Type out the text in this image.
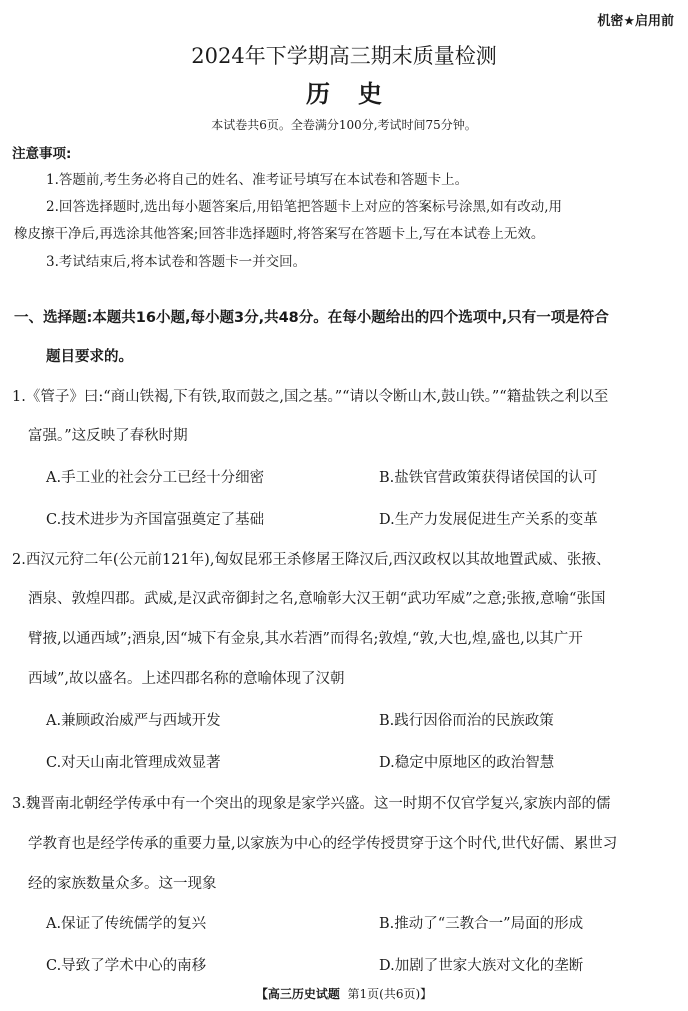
机密★启用前
2024年下学期高三期末质量检测
历史
本试卷共6页。全卷满分100分,考试时间75分钟。
注意事项:
1.答题前,考生务必将自己的姓名、准考证号填写在本试卷和答题卡上。
2.回答选择题时,选出每小题答案后,用铅笔把答题卡上对应的答案标号涂黑,如有改动,用
橡皮擦干净后,再选涂其他答案;回答非选择题时,将答案写在答题卡上,写在本试卷上无效。
3.考试结束后,将本试卷和答题卡一并交回。
一、选择题:本题共16小题,每小题3分,共48分。在每小题给出的四个选项中,只有一项是符合
题目要求的。
1.《管子》曰:“商山铁褐,下有铁,取而鼓之,国之基。”“请以令断山木,鼓山铁。”“籍盐铁之利以至
富强。”这反映了春秋时期
A.手工业的社会分工已经十分细密	B.盐铁官营政策获得诸侯国的认可
C.技术进步为齐国富强奠定了基础	D.生产力发展促进生产关系的变革
2.西汉元狩二年(公元前121年),匈奴昆邪王杀修屠王降汉后,西汉政权以其故地置武威、张掖、
酒泉、敦煌四郡。武威,是汉武帝御封之名,意喻彰大汉王朝“武功军威”之意;张掖,意喻“张国
臂掖,以通西域”;酒泉,因“城下有金泉,其水若酒”而得名;敦煌,“敦,大也,煌,盛也,以其广开
西域”,故以盛名。上述四郡名称的意喻体现了汉朝
A.兼顾政治威严与西域开发	B.践行因俗而治的民族政策
C.对天山南北管理成效显著	D.稳定中原地区的政治智慧
3.魏晋南北朝经学传承中有一个突出的现象是家学兴盛。这一时期不仅官学复兴,家族内部的儒
学教育也是经学传承的重要力量,以家族为中心的经学传授贯穿于这个时代,世代好儒、累世习
经的家族数量众多。这一现象
A.保证了传统儒学的复兴	B.推动了“三教合一”局面的形成
C.导致了学术中心的南移	D.加剧了世家大族对文化的垄断
【高三历史试题 第1页(共6页)】
